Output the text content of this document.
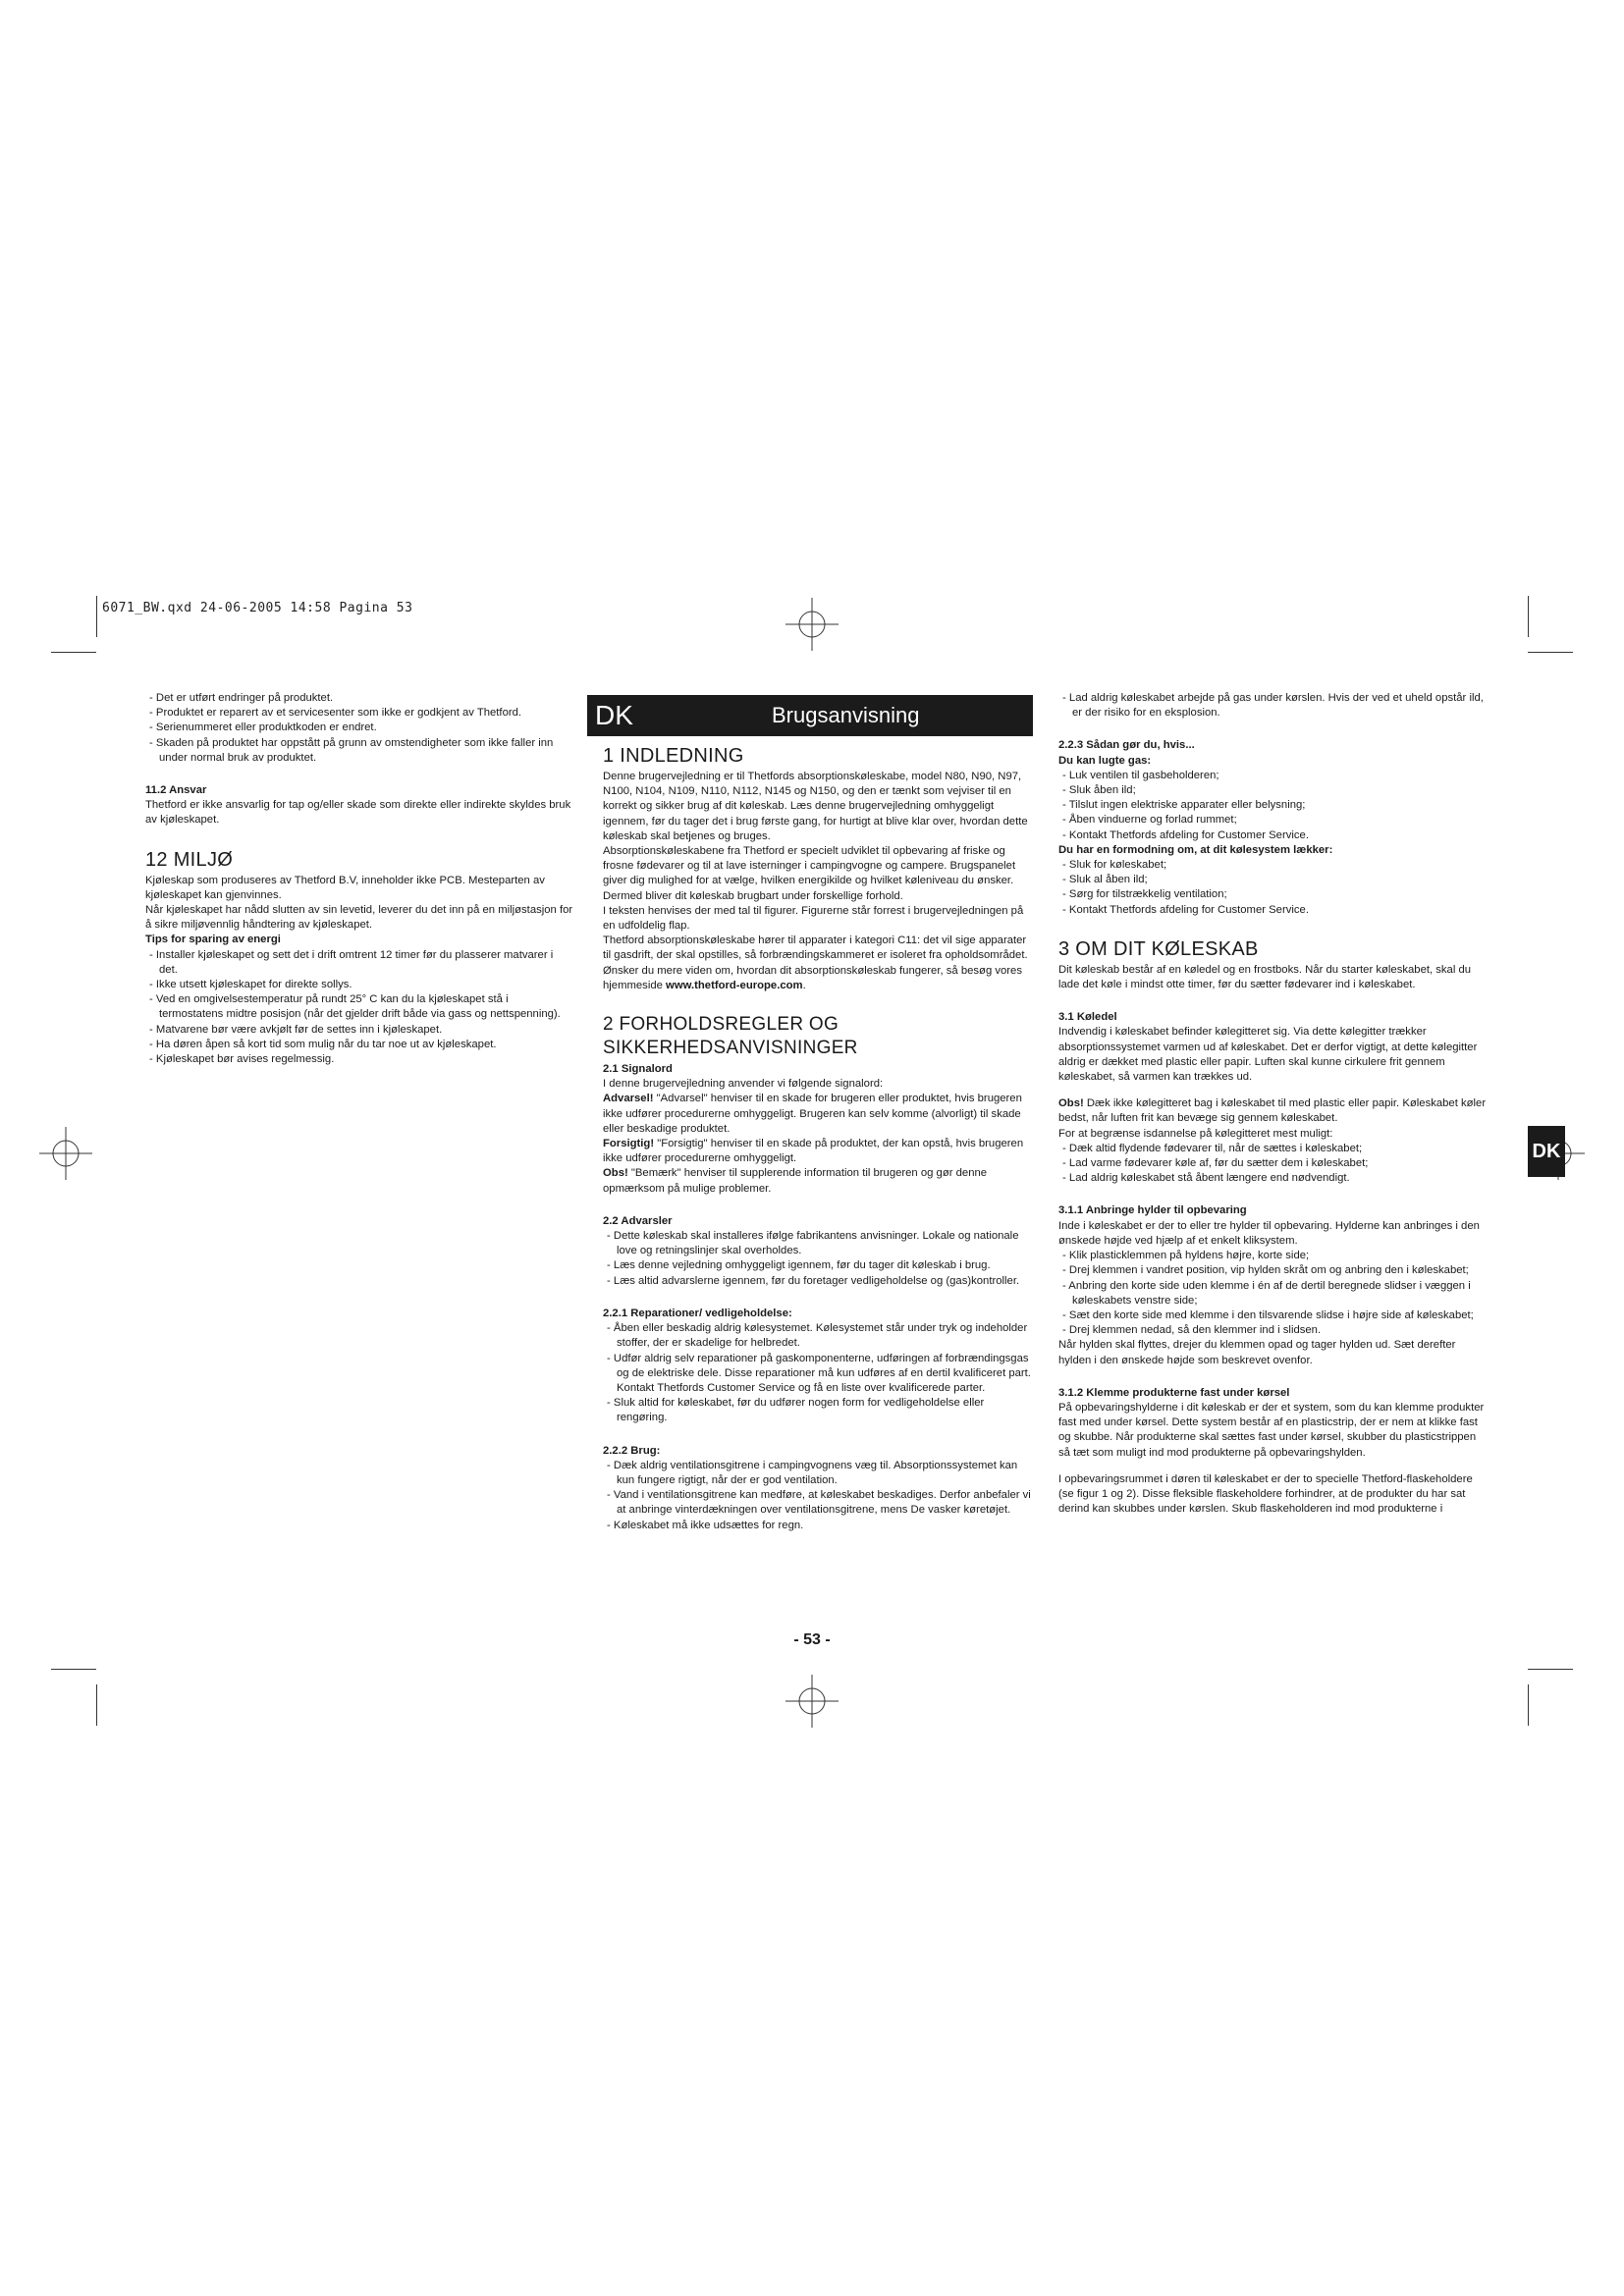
6071_BW.qxd 24-06-2005 14:58 Pagina 53
DK	Brugsanvisning
DK
- Det er utført endringer på produktet.
- Produktet er reparert av et servicesenter som ikke er godkjent av Thetford.
- Serienummeret eller produktkoden er endret.
- Skaden på produktet har oppstått på grunn av omstendigheter som ikke faller inn under normal bruk av produktet.

11.2 Ansvar

Thetford er ikke ansvarlig for tap og/eller skade som direkte eller indirekte skyldes bruk av kjøleskapet.

12 MILJØ

Kjøleskap som produseres av Thetford B.V, inneholder ikke PCB. Mesteparten av kjøleskapet kan gjenvinnes.

Når kjøleskapet har nådd slutten av sin levetid, leverer du det inn på en miljøstasjon for å sikre miljøvennlig håndtering av kjøleskapet.

Tips for sparing av energi

- Installer kjøleskapet og sett det i drift omtrent 12 timer før du plasserer matvarer i det.
- Ikke utsett kjøleskapet for direkte sollys.
- Ved en omgivelsestemperatur på rundt 25° C kan du la kjøleskapet stå i termostatens midtre posisjon (når det gjelder drift både via gass og nettspenning).
- Matvarene bør være avkjølt før de settes inn i kjøleskapet.
- Ha døren åpen så kort tid som mulig når du tar noe ut av kjøleskapet.
- Kjøleskapet bør avises regelmessig.

1 INDLEDNING

Denne brugervejledning er til Thetfords absorptionskøleskabe, model N80, N90, N97, N100, N104, N109, N110, N112, N145 og N150, og den er tænkt som vejviser til en korrekt og sikker brug af dit køleskab. Læs denne brugervejledning omhyggeligt igennem, før du tager det i brug første gang, for hurtigt at blive klar over, hvordan dette køleskab skal betjenes og bruges.

Absorptionskøleskabene fra Thetford er specielt udviklet til opbevaring af friske og frosne fødevarer og til at lave isterninger i campingvogne og campere. Brugspanelet giver dig mulighed for at vælge, hvilken energikilde og hvilket køleniveau du ønsker. Dermed bliver dit køleskab brugbart under forskellige forhold.

I teksten henvises der med tal til figurer. Figurerne står forrest i brugervejledningen på en udfoldelig flap.

Thetford absorptionskøleskabe hører til apparater i kategori C11: det vil sige apparater til gasdrift, der skal opstilles, så forbrændingskammeret er isoleret fra opholdsområdet.

Ønsker du mere viden om, hvordan dit absorptionskøleskab fungerer, så besøg vores hjemmeside www.thetford-europe.com.

2 FORHOLDSREGLER OG SIKKERHEDSANVISNINGER

2.1 Signalord

I denne brugervejledning anvender vi følgende signalord:

Advarsel! "Advarsel" henviser til en skade for brugeren eller produktet, hvis brugeren ikke udfører procedurerne omhyggeligt. Brugeren kan selv komme (alvorligt) til skade eller beskadige produktet.

Forsigtig! "Forsigtig" henviser til en skade på produktet, der kan opstå, hvis brugeren ikke udfører procedurerne omhyggeligt.

Obs! "Bemærk" henviser til supplerende information til brugeren og gør denne opmærksom på mulige problemer.

2.2 Advarsler

- Dette køleskab skal installeres ifølge fabrikantens anvisninger. Lokale og nationale love og retningslinjer skal overholdes.
- Læs denne vejledning omhyggeligt igennem, før du tager dit køleskab i brug.
- Læs altid advarslerne igennem, før du foretager vedligeholdelse og (gas)kontroller.

2.2.1 Reparationer/ vedligeholdelse:

- Åben eller beskadig aldrig kølesystemet. Kølesystemet står under tryk og indeholder stoffer, der er skadelige for helbredet.
- Udfør aldrig selv reparationer på gaskomponenterne, udføringen af forbrændingsgas og de elektriske dele. Disse reparationer må kun udføres af en dertil kvalificeret part. Kontakt Thetfords Customer Service og få en liste over kvalificerede parter.
- Sluk altid for køleskabet, før du udfører nogen form for vedligeholdelse eller rengøring.

2.2.2 Brug:

- Dæk aldrig ventilationsgitrene i campingvognens væg til. Absorptionssystemet kan kun fungere rigtigt, når der er god ventilation.
- Vand i ventilationsgitrene kan medføre, at køleskabet beskadiges. Derfor anbefaler vi at anbringe vinterdækningen over ventilationsgitrene, mens De vasker køretøjet.
- Køleskabet må ikke udsættes for regn.
- Lad aldrig køleskabet arbejde på gas under kørslen. Hvis der ved et uheld opstår ild, er der risiko for en eksplosion.

2.2.3 Sådan gør du, hvis...

Du kan lugte gas:

- Luk ventilen til gasbeholderen;
- Sluk åben ild;
- Tilslut ingen elektriske apparater eller belysning;
- Åben vinduerne og forlad rummet;
- Kontakt Thetfords afdeling for Customer Service.

Du har en formodning om, at dit kølesystem lækker:

- Sluk for køleskabet;
- Sluk al åben ild;
- Sørg for tilstrækkelig ventilation;
- Kontakt Thetfords afdeling for Customer Service.

3 OM DIT KØLESKAB

Dit køleskab består af en køledel og en frostboks. Når du starter køleskabet, skal du lade det køle i mindst otte timer, før du sætter fødevarer ind i køleskabet.

3.1 Køledel

Indvendig i køleskabet befinder kølegitteret sig. Via dette kølegitter trækker absorptionssystemet varmen ud af køleskabet. Det er derfor vigtigt, at dette kølegitter aldrig er dækket med plastic eller papir. Luften skal kunne cirkulere frit gennem køleskabet, så varmen kan trækkes ud.

Obs! Dæk ikke kølegitteret bag i køleskabet til med plastic eller papir. Køleskabet køler bedst, når luften frit kan bevæge sig gennem køleskabet.

For at begrænse isdannelse på kølegitteret mest muligt:

- Dæk altid flydende fødevarer til, når de sættes i køleskabet;
- Lad varme fødevarer køle af, før du sætter dem i køleskabet;
- Lad aldrig køleskabet stå åbent længere end nødvendigt.

3.1.1 Anbringe hylder til opbevaring

Inde i køleskabet er der to eller tre hylder til opbevaring. Hylderne kan anbringes i den ønskede højde ved hjælp af et enkelt kliksystem.

- Klik plasticklemmen på hyldens højre, korte side;
- Drej klemmen i vandret position, vip hylden skråt om og anbring den i køleskabet;
- Anbring den korte side uden klemme i én af de dertil beregnede slidser i væggen i køleskabets venstre side;
- Sæt den korte side med klemme i den tilsvarende slidse i højre side af køleskabet;
- Drej klemmen nedad, så den klemmer ind i slidsen.

Når hylden skal flyttes, drejer du klemmen opad og tager hylden ud. Sæt derefter hylden i den ønskede højde som beskrevet ovenfor.

3.1.2 Klemme produkterne fast under kørsel

På opbevaringshylderne i dit køleskab er der et system, som du kan klemme produkter fast med under kørsel. Dette system består af en plasticstrip, der er nem at klikke fast og skubbe. Når produkterne skal sættes fast under kørsel, skubber du plasticstrippen så tæt som muligt ind mod produkterne på opbevaringshylden.

I opbevaringsrummet i døren til køleskabet er der to specielle Thetford-flaskeholdere (se figur 1 og 2). Disse fleksible flaskeholdere forhindrer, at de produkter du har sat derind kan skubbes under kørslen. Skub flaskeholderen ind mod produkterne i

- 53 -
